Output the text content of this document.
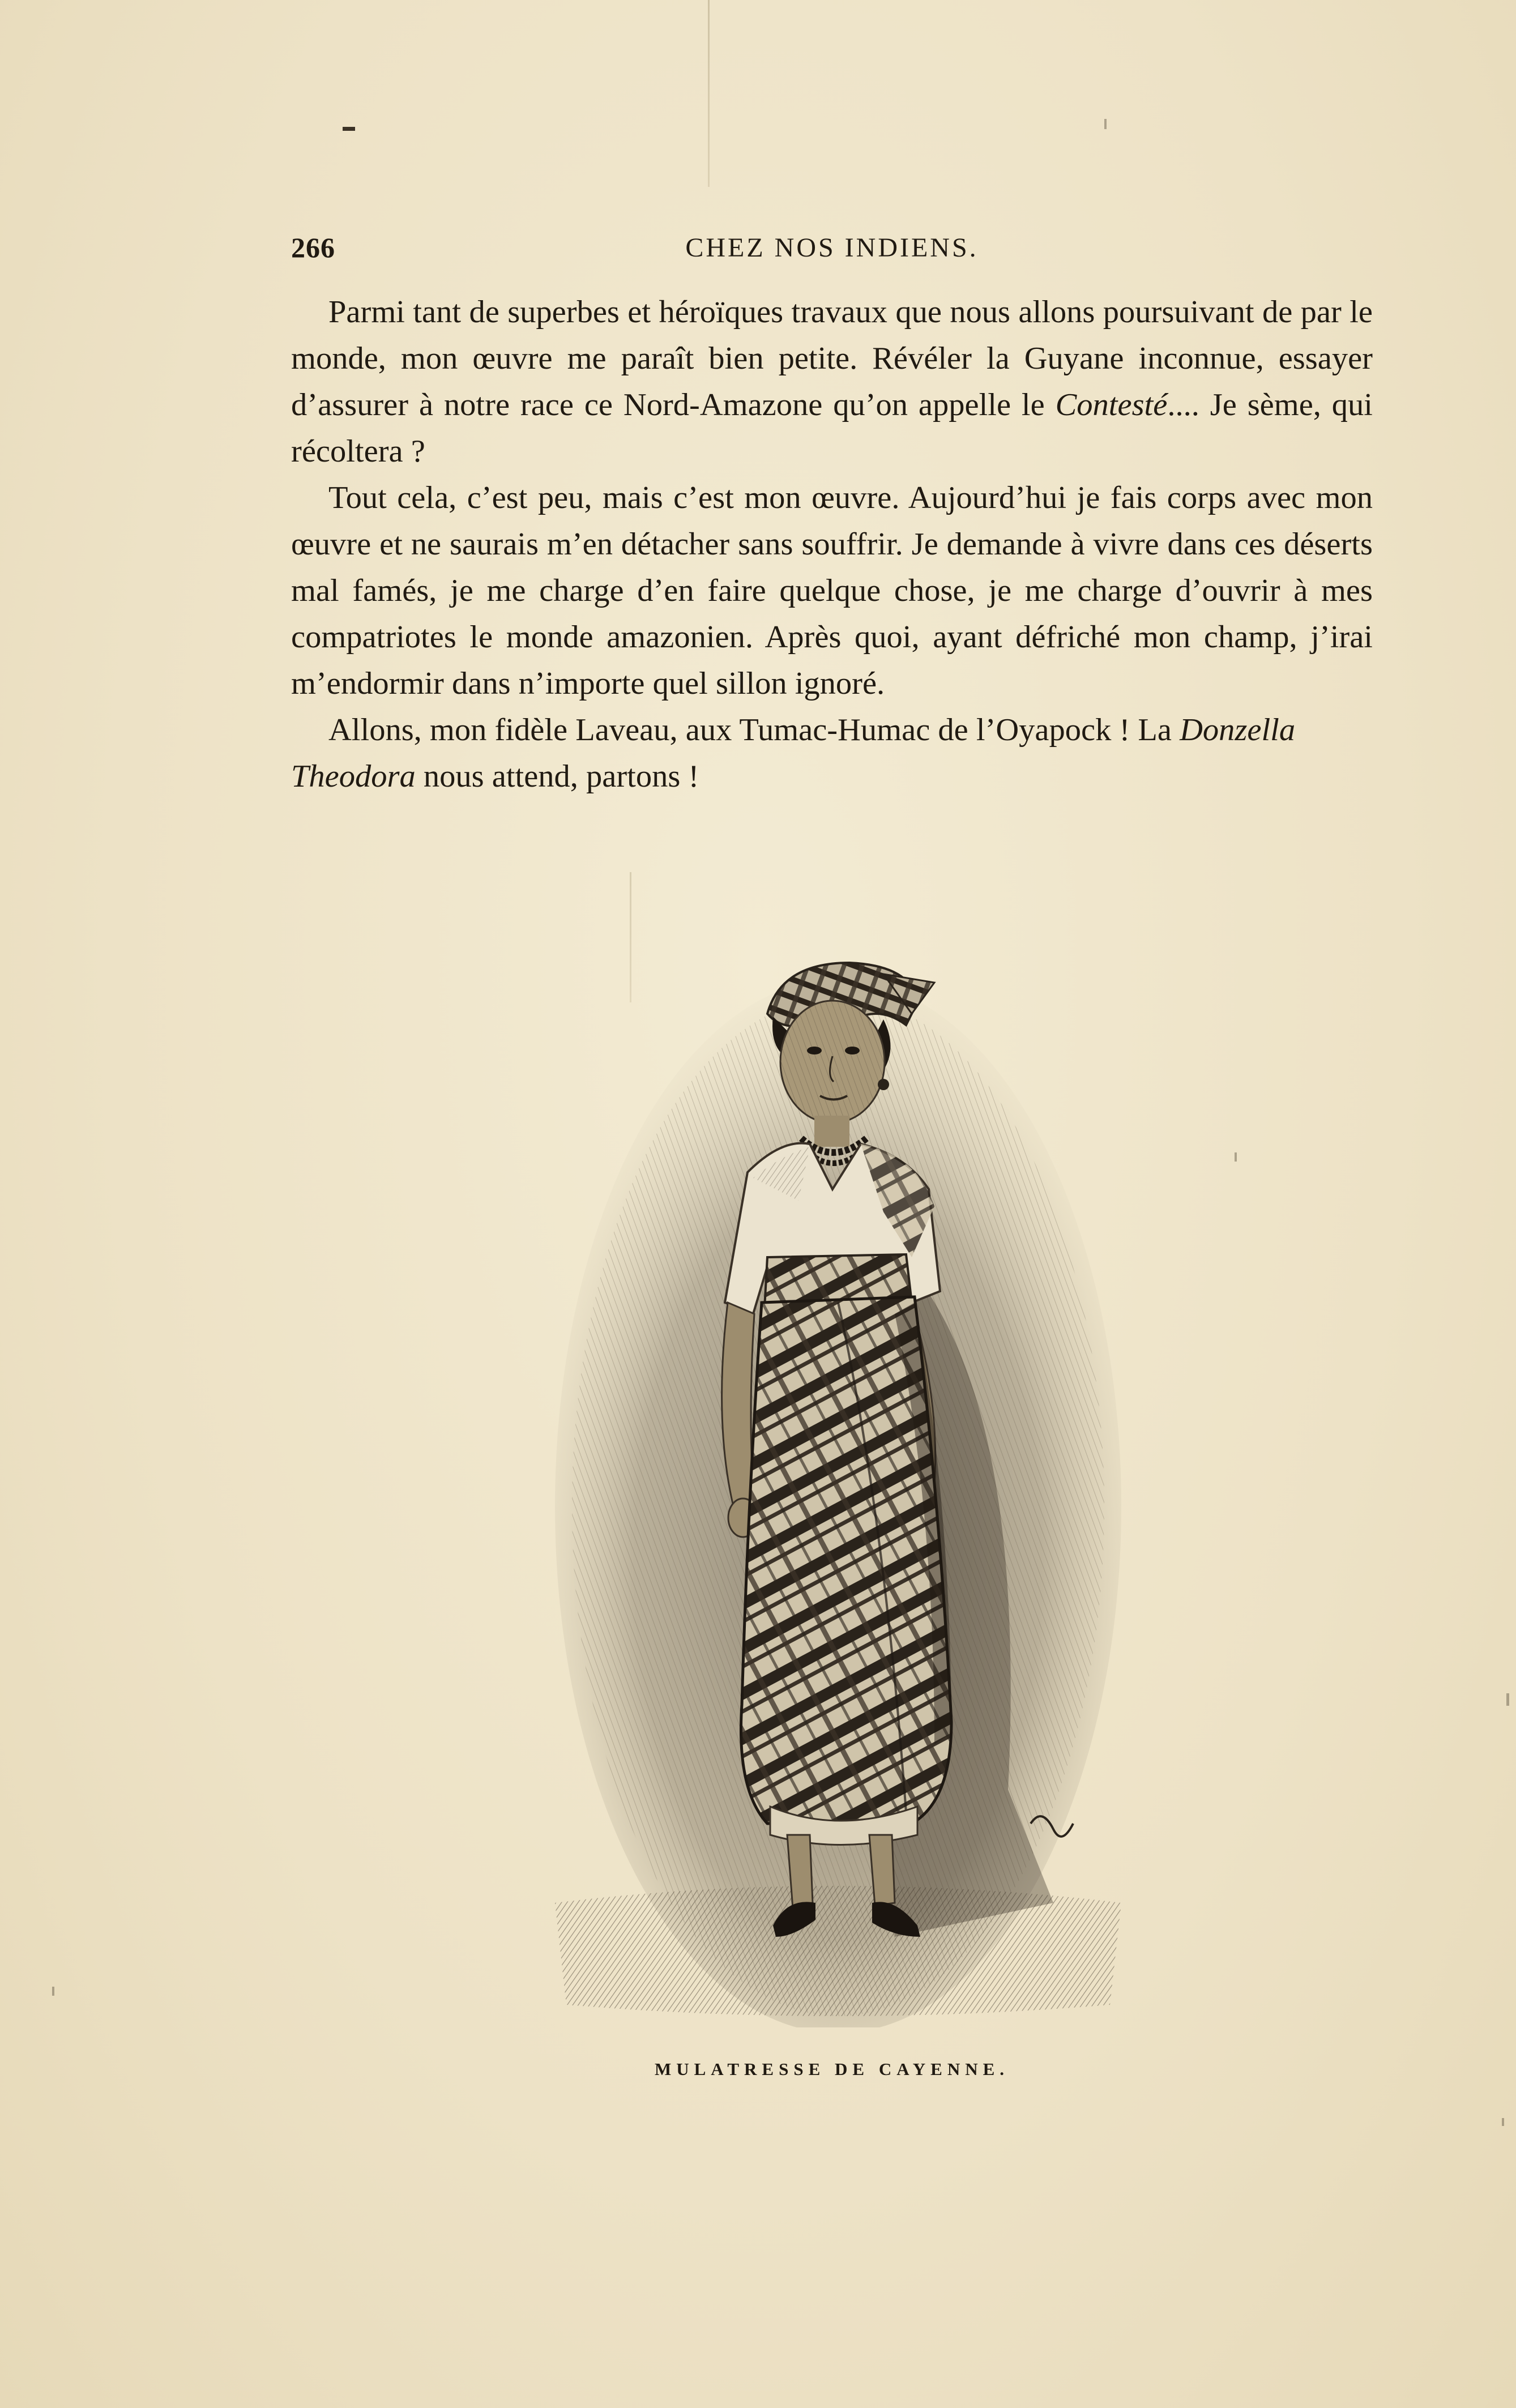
266	CHEZ NOS INDIENS.

Parmi tant de superbes et héroïques travaux que nous allons poursuivant de par le monde, mon œuvre me paraît bien petite. Révéler la Guyane inconnue, essayer d’assurer à notre race ce Nord-Amazone qu’on appelle le Contesté.... Je sème, qui récoltera ?

Tout cela, c’est peu, mais c’est mon œuvre. Aujourd’hui je fais corps avec mon œuvre et ne saurais m’en détacher sans souffrir. Je demande à vivre dans ces déserts mal famés, je me charge d’en faire quelque chose, je me charge d’ouvrir à mes compatriotes le monde amazonien. Après quoi, ayant défriché mon champ, j’irai m’endormir dans n’importe quel sillon ignoré.

Allons, mon fidèle Laveau, aux Tumac-Humac de l’Oyapock ! La Donzella Theodora nous attend, partons !

MULATRESSE DE CAYENNE.
